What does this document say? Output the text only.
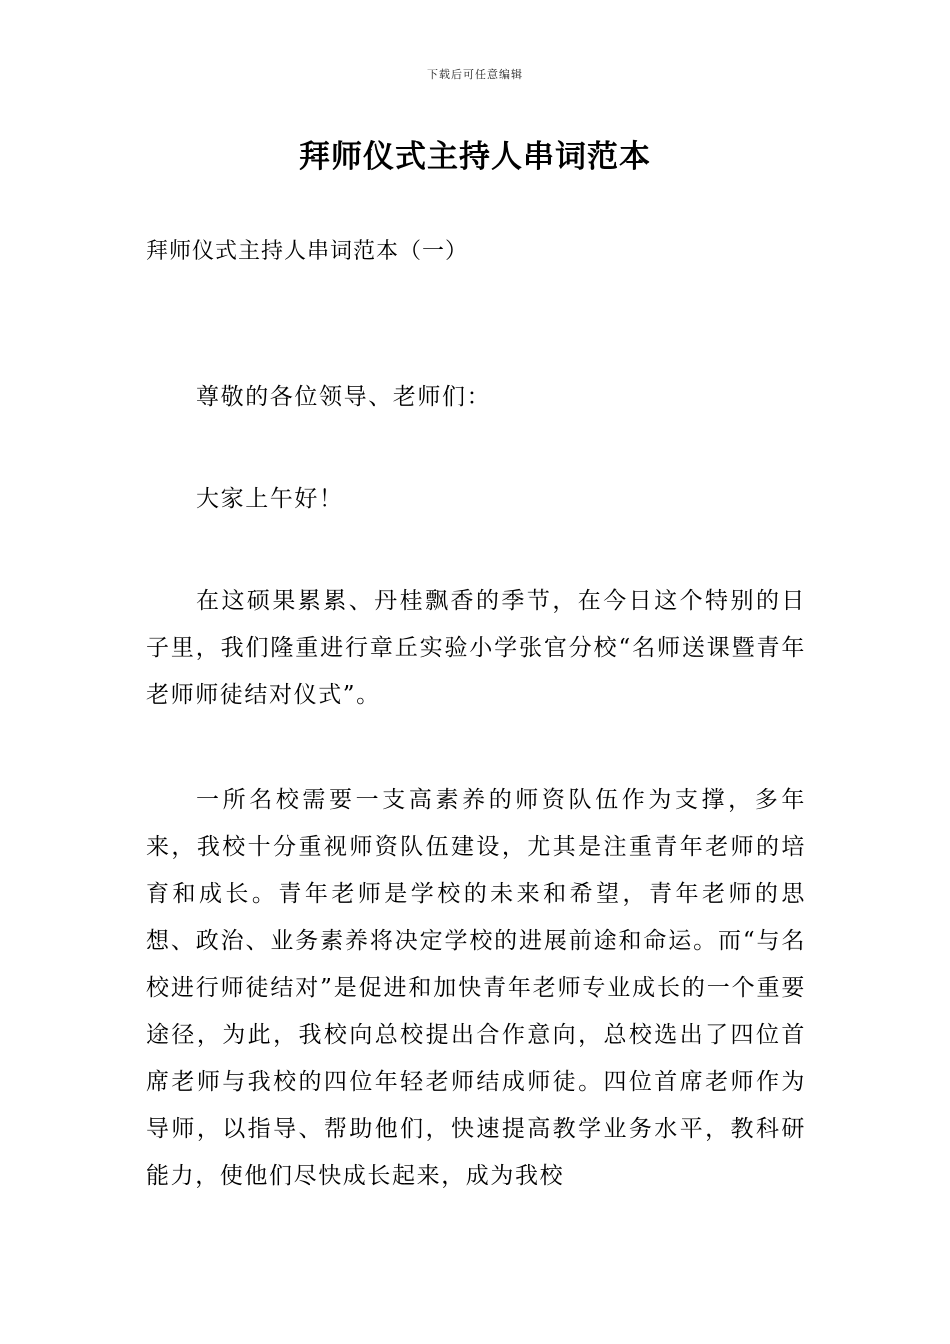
下载后可任意编辑
拜师仪式主持人串词范本
拜师仪式主持人串词范本（一）

尊敬的各位领导、老师们：

大家上午好！

在这硕果累累、丹桂飘香的季节，在今日这个特别的日子里，我们隆重进行章丘实验小学张官分校“名师送课暨青年老师师徒结对仪式”。

一所名校需要一支高素养的师资队伍作为支撑，多年来，我校十分重视师资队伍建设，尤其是注重青年老师的培育和成长。青年老师是学校的未来和希望，青年老师的思想、政治、业务素养将决定学校的进展前途和命运。而“与名校进行师徒结对”是促进和加快青年老师专业成长的一个重要途径，为此，我校向总校提出合作意向，总校选出了四位首席老师与我校的四位年轻老师结成师徒。四位首席老师作为导师，以指导、帮助他们，快速提高教学业务水平，教科研能力，使他们尽快成长起来，成为我校
